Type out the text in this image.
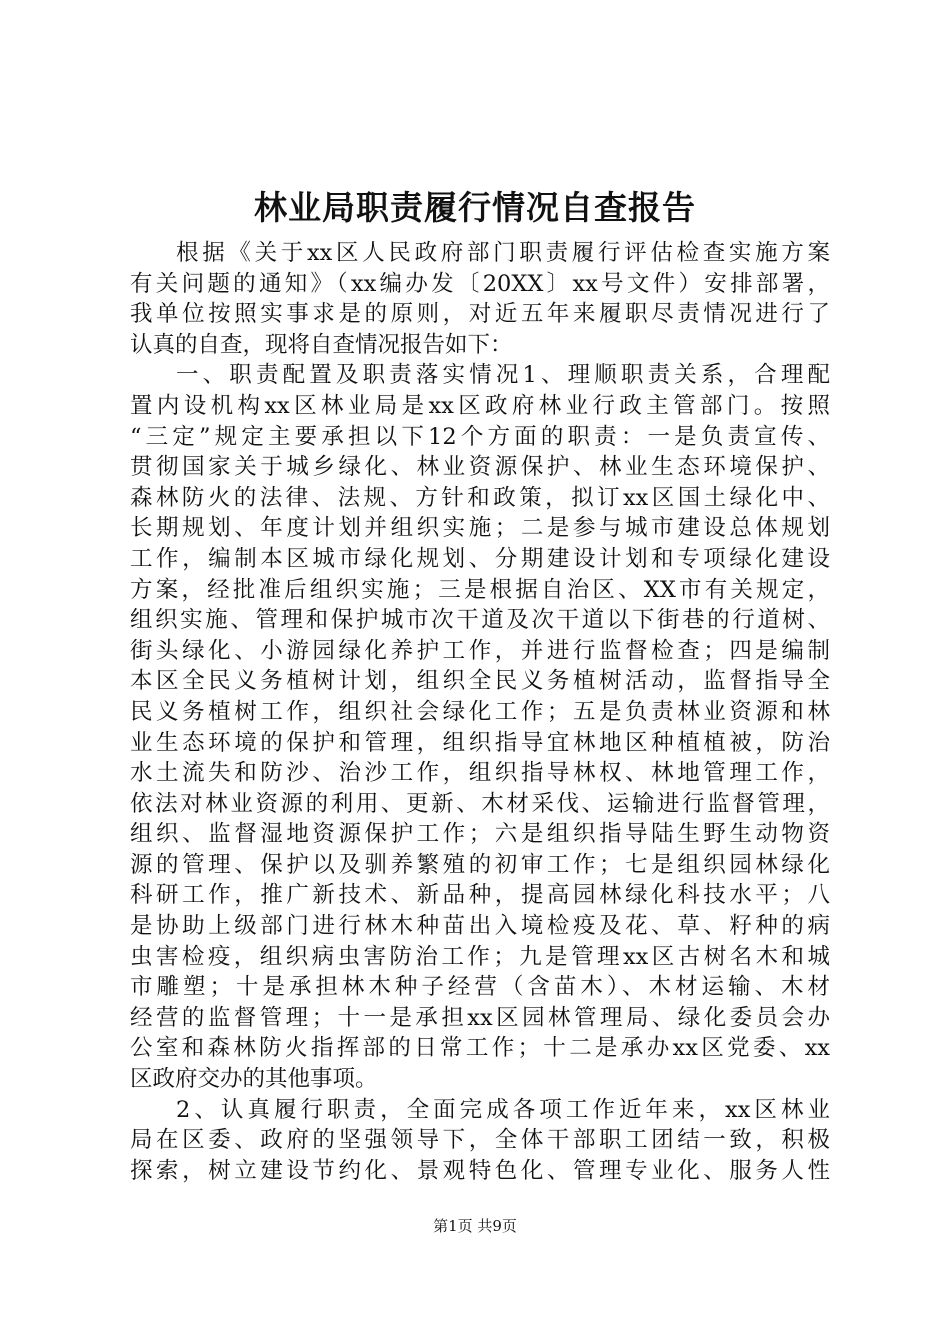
林业局职责履行情况自查报告
根据《关于xx区人民政府部门职责履行评估检查实施方案
有关问题的通知》（xx编办发〔20XX〕xx号文件）安排部署，
我单位按照实事求是的原则，对近五年来履职尽责情况进行了
认真的自查，现将自查情况报告如下：
一、职责配置及职责落实情况1、理顺职责关系，合理配
置内设机构xx区林业局是xx区政府林业行政主管部门。按照
“三定”规定主要承担以下12个方面的职责：一是负责宣传、
贯彻国家关于城乡绿化、林业资源保护、林业生态环境保护、
森林防火的法律、法规、方针和政策，拟订xx区国土绿化中、
长期规划、年度计划并组织实施；二是参与城市建设总体规划
工作，编制本区城市绿化规划、分期建设计划和专项绿化建设
方案，经批准后组织实施；三是根据自治区、XX市有关规定，
组织实施、管理和保护城市次干道及次干道以下街巷的行道树、
街头绿化、小游园绿化养护工作，并进行监督检查；四是编制
本区全民义务植树计划，组织全民义务植树活动，监督指导全
民义务植树工作，组织社会绿化工作；五是负责林业资源和林
业生态环境的保护和管理，组织指导宜林地区种植植被，防治
水土流失和防沙、治沙工作，组织指导林权、林地管理工作，
依法对林业资源的利用、更新、木材采伐、运输进行监督管理，
组织、监督湿地资源保护工作；六是组织指导陆生野生动物资
源的管理、保护以及驯养繁殖的初审工作；七是组织园林绿化
科研工作，推广新技术、新品种，提高园林绿化科技水平；八
是协助上级部门进行林木种苗出入境检疫及花、草、籽种的病
虫害检疫，组织病虫害防治工作；九是管理xx区古树名木和城
市雕塑；十是承担林木种子经营（含苗木）、木材运输、木材
经营的监督管理；十一是承担xx区园林管理局、绿化委员会办
公室和森林防火指挥部的日常工作；十二是承办xx区党委、xx
区政府交办的其他事项。
2、认真履行职责，全面完成各项工作近年来，xx区林业
局在区委、政府的坚强领导下，全体干部职工团结一致，积极
探索，树立建设节约化、景观特色化、管理专业化、服务人性
第1页 共9页
